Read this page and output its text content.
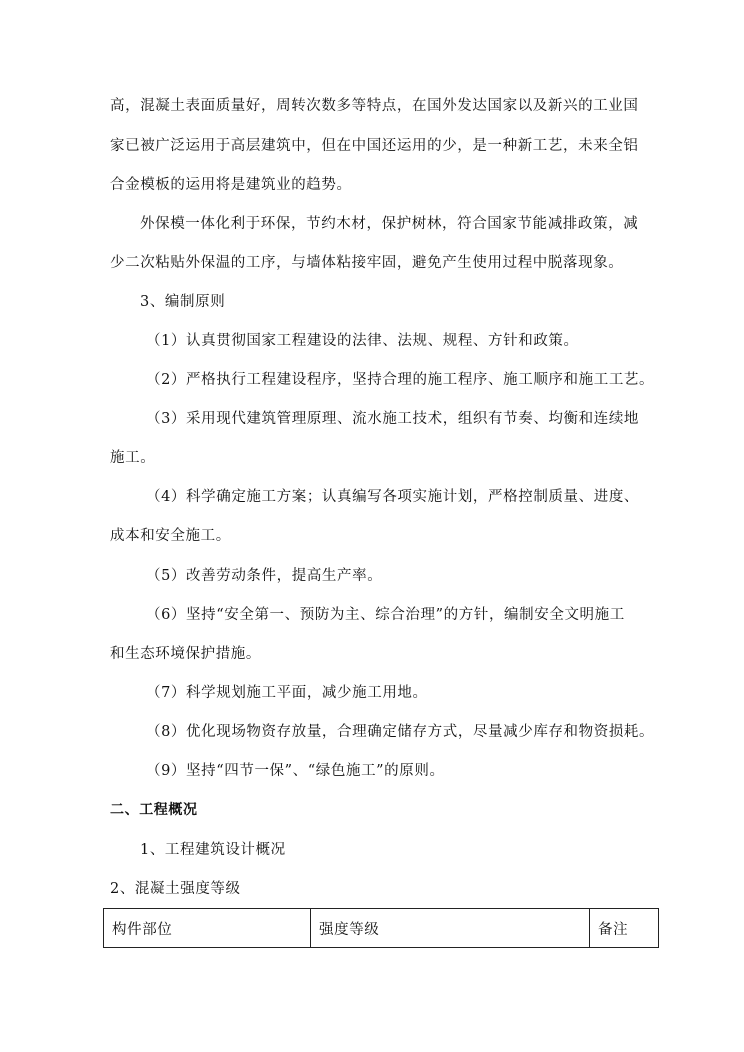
高，混凝土表面质量好，周转次数多等特点，在国外发达国家以及新兴的工业国
家已被广泛运用于高层建筑中，但在中国还运用的少，是一种新工艺，未来全铝
合金模板的运用将是建筑业的趋势。
外保模一体化利于环保，节约木材，保护树林，符合国家节能减排政策，减
少二次粘贴外保温的工序，与墙体粘接牢固，避免产生使用过程中脱落现象。
3、编制原则
（1）认真贯彻国家工程建设的法律、法规、规程、方针和政策。
（2）严格执行工程建设程序，坚持合理的施工程序、施工顺序和施工工艺。
（3）采用现代建筑管理原理、流水施工技术，组织有节奏、均衡和连续地
施工。
（4）科学确定施工方案；认真编写各项实施计划，严格控制质量、进度、
成本和安全施工。
（5）改善劳动条件，提高生产率。
（6）坚持“安全第一、预防为主、综合治理”的方针，编制安全文明施工
和生态环境保护措施。
（7）科学规划施工平面，减少施工用地。
（8）优化现场物资存放量，合理确定储存方式，尽量减少库存和物资损耗。
（9）坚持“四节一保”、“绿色施工”的原则。
二、工程概况
1、工程建筑设计概况
2、混凝土强度等级
构件部位	强度等级	备注
